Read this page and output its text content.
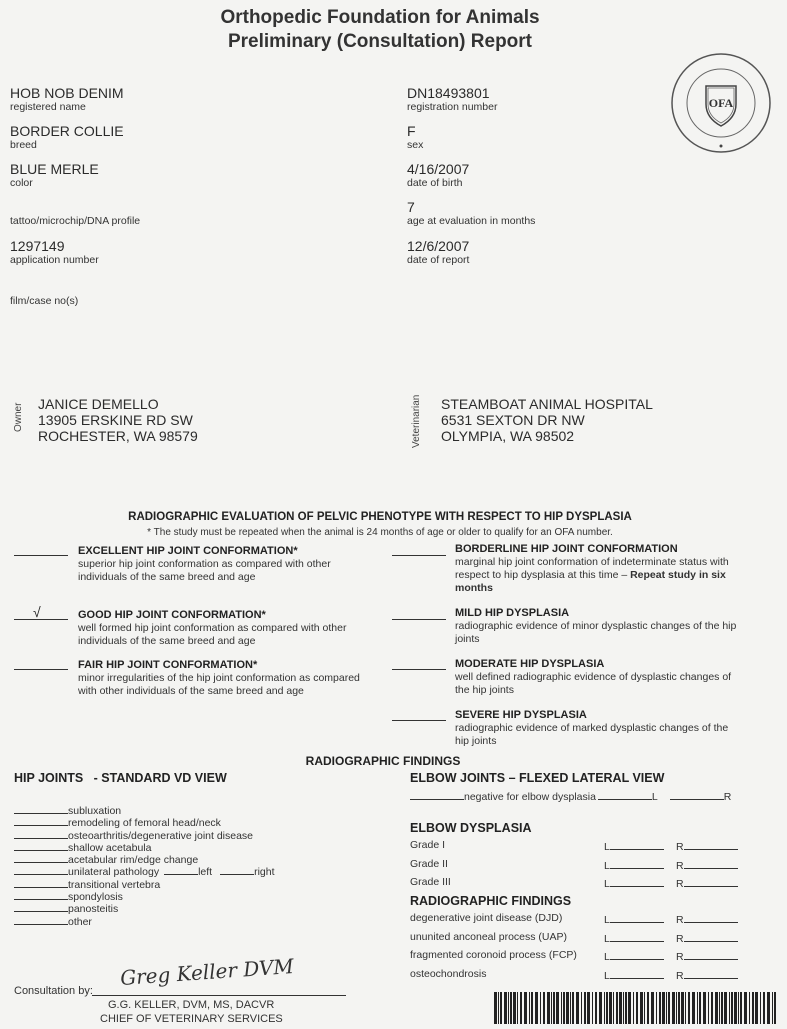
Orthopedic Foundation for Animals
Preliminary (Consultation) Report
OFA
HOB NOB DENIM
registered name
BORDER COLLIE
breed
BLUE MERLE
color
tattoo/microchip/DNA profile
1297149
application number
film/case no(s)
DN18493801
registration number
F
sex
4/16/2007
date of birth
7
age at evaluation in months
12/6/2007
date of report
Owner JANICE DEMELLO
13905 ERSKINE RD SW
ROCHESTER, WA 98579	Veterinarian STEAMBOAT ANIMAL HOSPITAL
6531 SEXTON DR NW
OLYMPIA, WA 98502
RADIOGRAPHIC EVALUATION OF PELVIC PHENOTYPE WITH RESPECT TO HIP DYSPLASIA
* The study must be repeated when the animal is 24 months of age or older to qualify for an OFA number.
EXCELLENT HIP JOINT CONFORMATION*
superior hip joint conformation as compared with other
individuals of the same breed and age
√	GOOD HIP JOINT CONFORMATION*
well formed hip joint conformation as compared with other
individuals of the same breed and age
FAIR HIP JOINT CONFORMATION*
minor irregularities of the hip joint conformation as compared
with other individuals of the same breed and age
BORDERLINE HIP JOINT CONFORMATION
marginal hip joint conformation of indeterminate status with
respect to hip dysplasia at this time – Repeat study in six
months
MILD HIP DYSPLASIA
radiographic evidence of minor dysplastic changes of the hip
joints
MODERATE HIP DYSPLASIA
well defined radiographic evidence of dysplastic changes of
the hip joints
SEVERE HIP DYSPLASIA
radiographic evidence of marked dysplastic changes of the
hip joints
RADIOGRAPHIC FINDINGS
HIP JOINTS   - STANDARD VD VIEW
subluxation
remodeling of femoral head/neck
osteoarthritis/degenerative joint disease
shallow acetabula
acetabular rim/edge change
unilateral pathology	left	right
transitional vertebra
spondylosis
panosteitis
other
ELBOW JOINTS – FLEXED LATERAL VIEW
negative for elbow dysplasia	L	R
ELBOW DYSPLASIA
Grade I	L	R
Grade II	L	R
Grade III	L	R
RADIOGRAPHIC FINDINGS
degenerative joint disease (DJD)	L	R
ununited anconeal process (UAP)	L	R
fragmented coronoid process (FCP)	L	R
osteochondrosis	L	R
Consultation by:
Greg Keller DVM
G.G. KELLER, DVM, MS, DACVR
CHIEF OF VETERINARY SERVICES
